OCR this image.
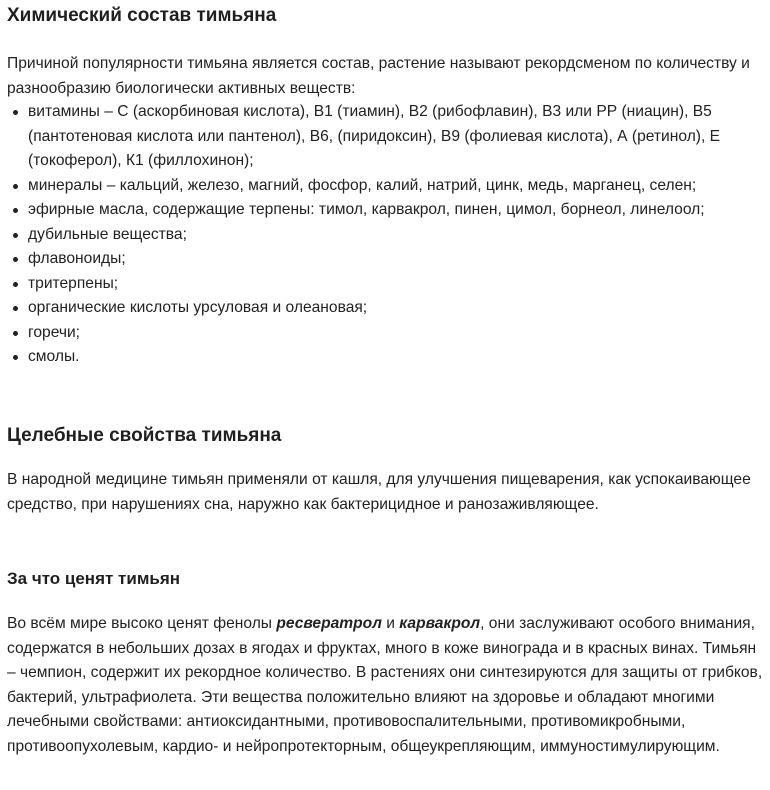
Химический состав тимьяна

Причиной популярности тимьяна является состав, растение называют рекордсменом по количеству и разнообразию биологически активных веществ:

витамины – С (аскорбиновая кислота), В1 (тиамин), В2 (рибофлавин), В3 или РР (ниацин), В5 (пантотеновая кислота или пантенол), В6, (пиридоксин), В9 (фолиевая кислота), А (ретинол), Е (токоферол), К1 (филлохинон);
минералы – кальций, железо, магний, фосфор, калий, натрий, цинк, медь, марганец, селен;
эфирные масла, содержащие терпены: тимол, карвакрол, пинен, цимол, борнеол, линелоол;
дубильные вещества;
флавоноиды;
тритерпены;
органические кислоты урсуловая и олеановая;
горечи;
смолы.
Целебные свойства тимьяна

В народной медицине тимьян применяли от кашля, для улучшения пищеварения, как успокаивающее средство, при нарушениях сна, наружно как бактерицидное и ранозаживляющее.

За что ценят тимьян

Во всём мире высоко ценят фенолы ресвератрол и карвакрол, они заслуживают особого внимания, содержатся в небольших дозах в ягодах и фруктах, много в коже винограда и в красных винах. Тимьян – чемпион, содержит их рекордное количество. В растениях они синтезируются для защиты от грибков, бактерий, ультрафиолета. Эти вещества положительно влияют на здоровье и обладают многими лечебными свойствами: антиоксидантными, противовоспалительными, противомикробными, противоопухолевым, кардио- и нейропротекторным, общеукрепляющим, иммуностимулирующим.
